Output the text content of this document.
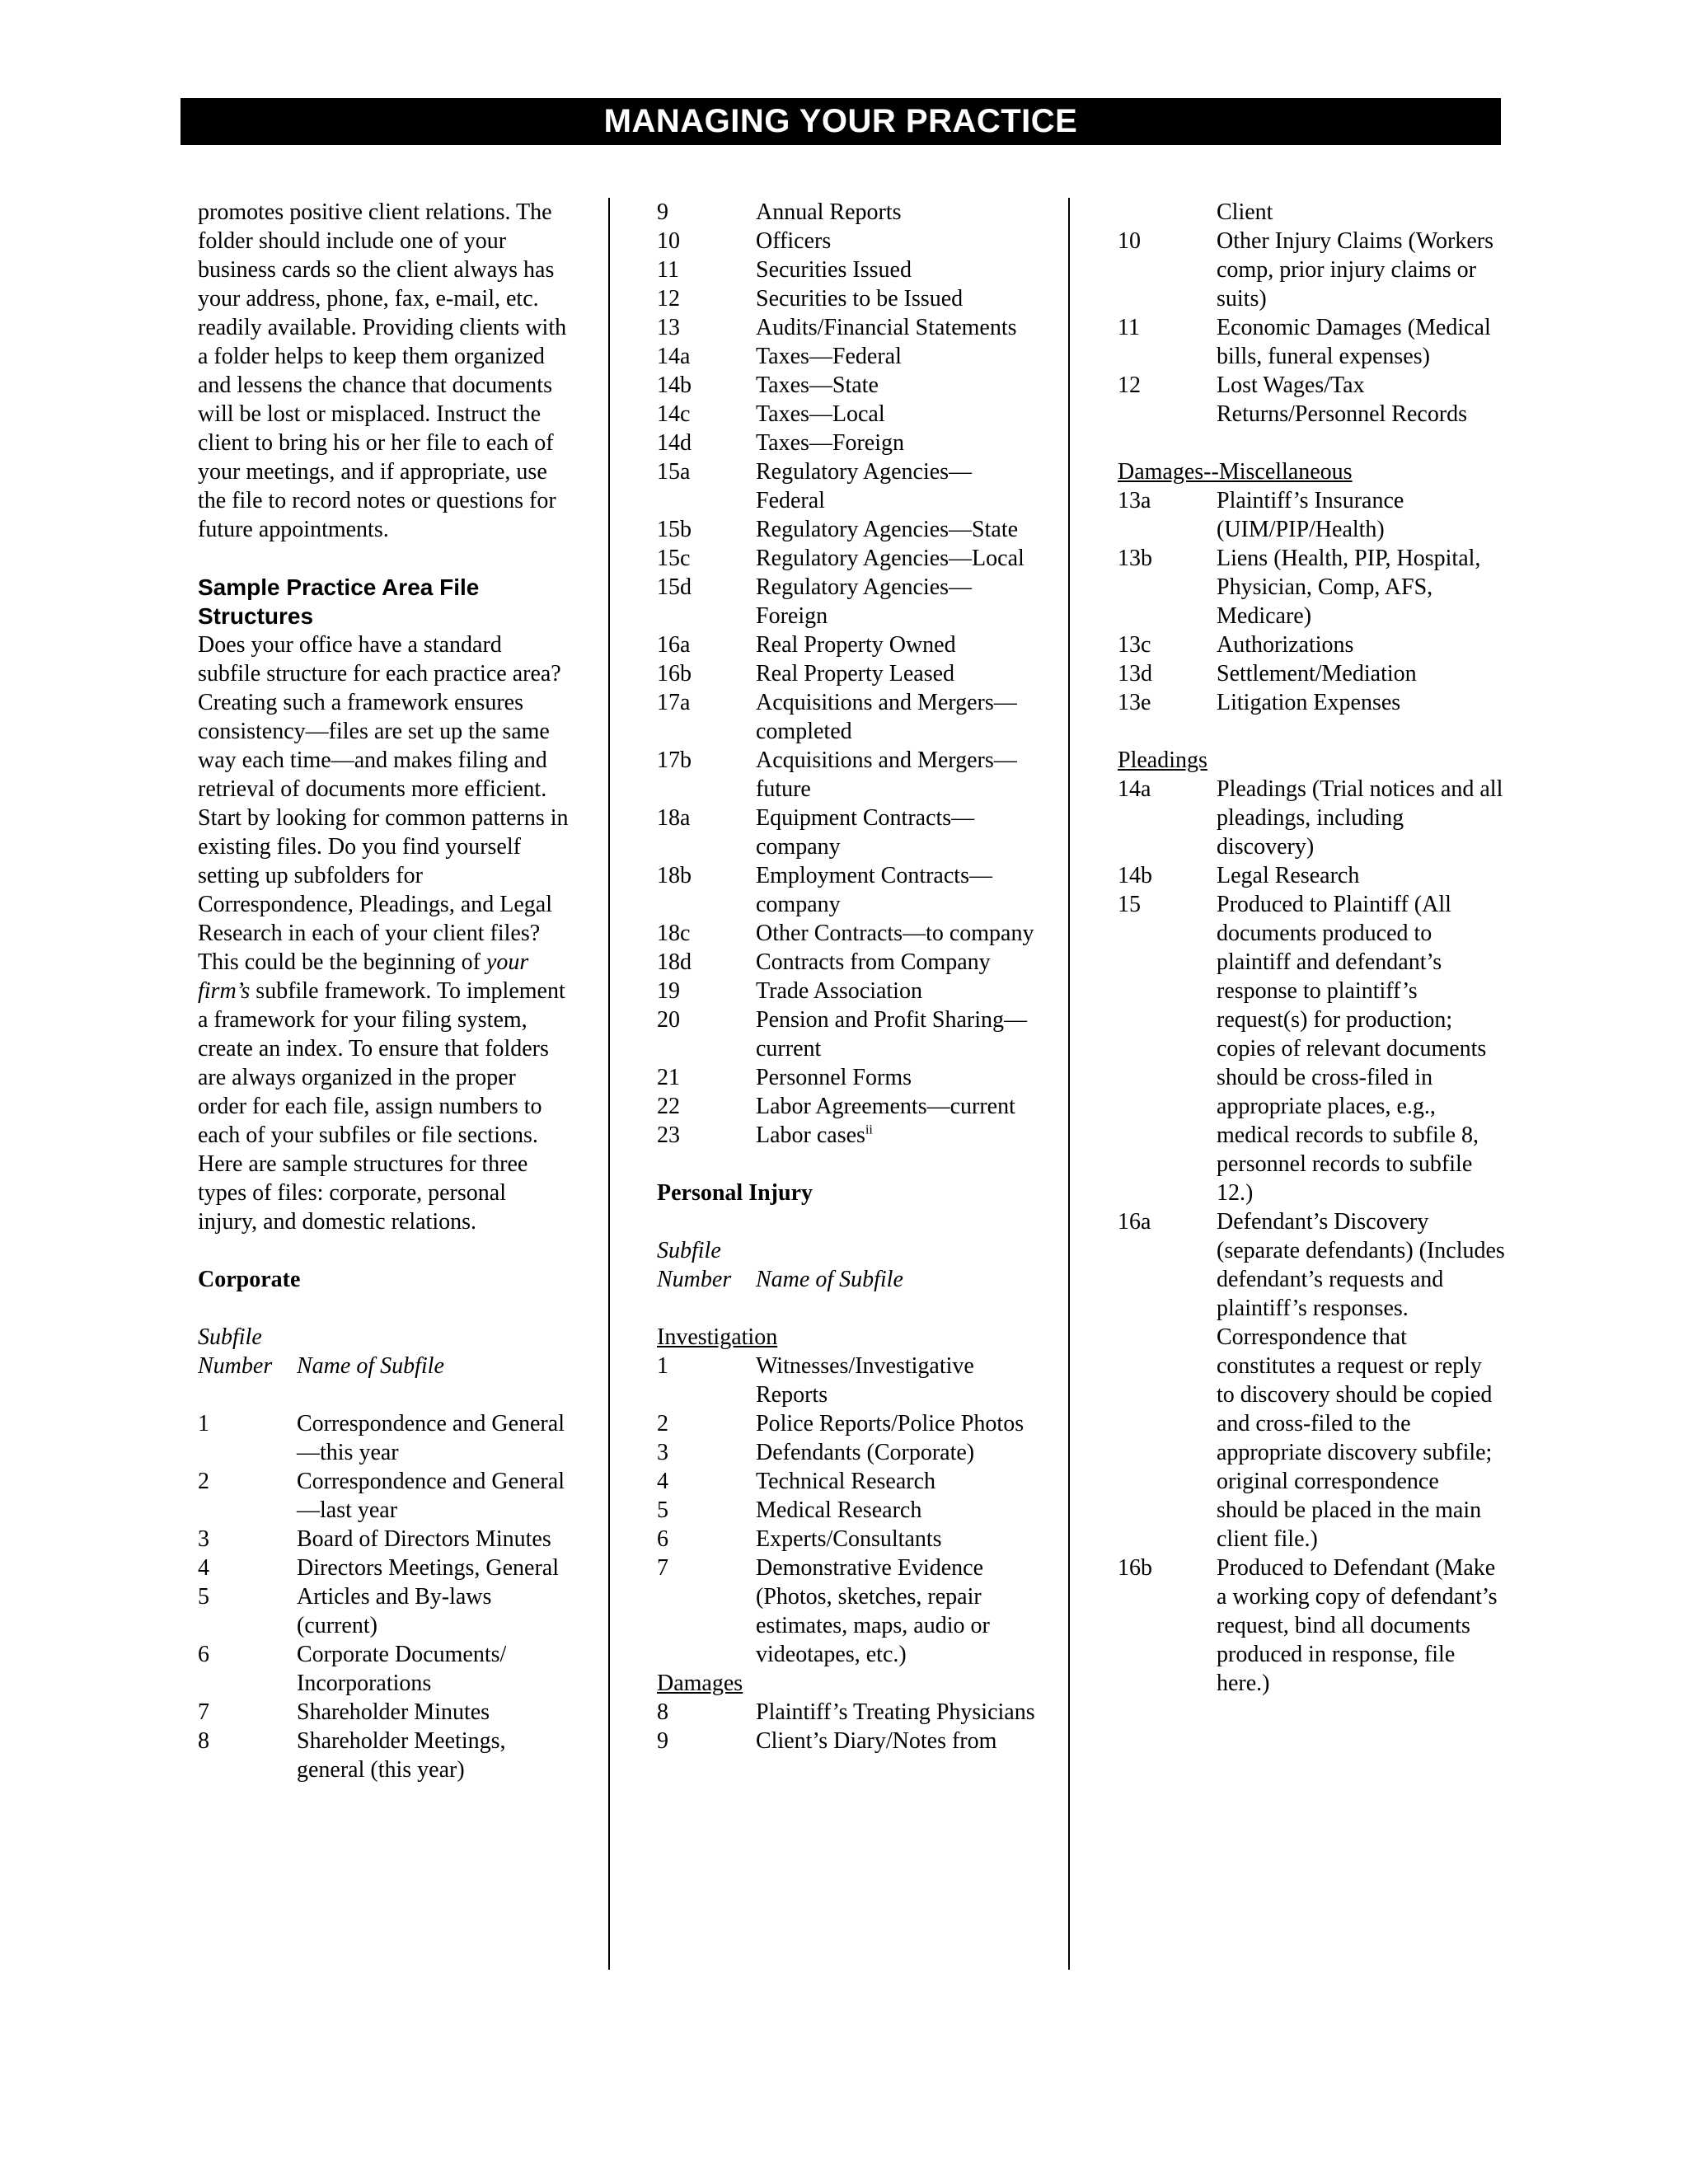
MANAGING YOUR PRACTICE

promotes positive client relations. The folder should include one of your business cards so the client always has your address, phone, fax, e-mail, etc. readily available. Providing clients with a folder helps to keep them organized and lessens the chance that documents will be lost or misplaced. Instruct the client to bring his or her file to each of your meetings, and if appropriate, use the file to record notes or questions for future appointments.

Sample Practice Area File Structures

Does your office have a standard subfile structure for each practice area? Creating such a framework ensures consistency—files are set up the same way each time—and makes filing and retrieval of documents more efficient. Start by looking for common patterns in existing files. Do you find yourself setting up subfolders for Correspondence, Pleadings, and Legal Research in each of your client files? This could be the beginning of your firm’s subfile framework. To implement a framework for your filing system, create an index. To ensure that folders are always organized in the proper order for each file, assign numbers to each of your subfiles or file sections. Here are sample structures for three types of files: corporate, personal injury, and domestic relations.

Corporate
Subfile
Number	Name of Subfile
1	Correspondence and General—this year
2	Correspondence and General—last year
3	Board of Directors Minutes
4	Directors Meetings, General
5	Articles and By-laws (current)
6	Corporate Documents/ Incorporations
7	Shareholder Minutes
8	Shareholder Meetings, general (this year)
9	Annual Reports
10	Officers
11	Securities Issued
12	Securities to be Issued
13	Audits/Financial Statements
14a	Taxes—Federal
14b	Taxes—State
14c	Taxes—Local
14d	Taxes—Foreign
15a	Regulatory Agencies—Federal
15b	Regulatory Agencies—State
15c	Regulatory Agencies—Local
15d	Regulatory Agencies—Foreign
16a	Real Property Owned
16b	Real Property Leased
17a	Acquisitions and Mergers—completed
17b	Acquisitions and Mergers—future
18a	Equipment Contracts—company
18b	Employment Contracts—company
18c	Other Contracts—to company
18d	Contracts from Company
19	Trade Association
20	Pension and Profit Sharing—current
21	Personnel Forms
22	Labor Agreements—current
23	Labor cases$^{ii}$
Personal Injury
Subfile
Number	Name of Subfile
Investigation
1	Witnesses/Investigative Reports
2	Police Reports/Police Photos
3	Defendants (Corporate)
4	Technical Research
5	Medical Research
6	Experts/Consultants
7	Demonstrative Evidence (Photos, sketches, repair estimates, maps, audio or videotapes, etc.)
Damages
8	Plaintiff’s Treating Physicians
9	Client’s Diary/Notes from
Client
10	Other Injury Claims (Workers comp, prior injury claims or suits)
11	Economic Damages (Medical bills, funeral expenses)
12	Lost Wages/Tax Returns/Personnel Records
Damages--Miscellaneous
13a	Plaintiff’s Insurance (UIM/PIP/Health)
13b	Liens (Health, PIP, Hospital, Physician, Comp, AFS, Medicare)
13c	Authorizations
13d	Settlement/Mediation
13e	Litigation Expenses
Pleadings
14a	Pleadings (Trial notices and all pleadings, including discovery)
14b	Legal Research
15	Produced to Plaintiff (All documents produced to plaintiff and defendant’s response to plaintiff’s request(s) for production; copies of relevant documents should be cross-filed in appropriate places, e.g., medical records to subfile 8, personnel records to subfile 12.)
16a	Defendant’s Discovery (separate defendants) (Includes defendant’s requests and plaintiff’s responses. Correspondence that constitutes a request or reply to discovery should be copied and cross-filed to the appropriate discovery subfile; original correspondence should be placed in the main client file.)
16b	Produced to Defendant (Make a working copy of defendant’s request, bind all documents produced in response, file here.)
